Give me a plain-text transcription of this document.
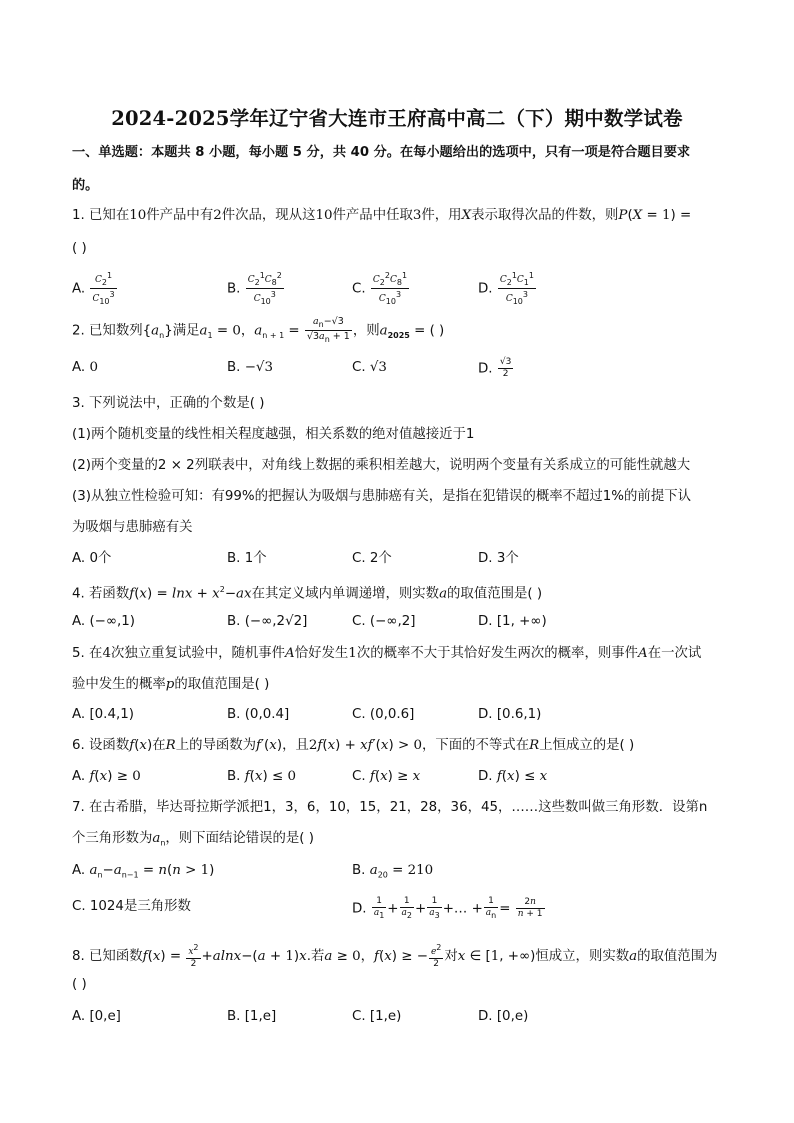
2024-2025学年辽宁省大连市王府高中高二（下）期中数学试卷
一、单选题：本题共 8 小题，每小题 5 分，共 40 分。在每小题给出的选项中，只有一项是符合题目要求
的。
1. 已知在10件产品中有2件次品，现从这10件产品中任取3件，用X表示取得次品的件数，则P(X = 1) =
( )
A. $\frac{C_2^1}{C_{10}^3}$	B. $\frac{C_2^1C_8^2}{C_{10}^3}$	C. $\frac{C_2^2C_8^1}{C_{10}^3}$	D. $\frac{C_2^1C_1^1}{C_{10}^3}$
2. 已知数列$\{a_n\}$满足$a_1 = 0$，$a_{n + 1} = \frac{a_n-√3}{√3a_n + 1}$ ，则$a_{2025}$ = ( )
A. 0	B. −√3	C. √3	D. $\frac{√3}{2}$
3. 下列说法中，正确的个数是( )
(1)两个随机变量的线性相关程度越强，相关系数的绝对值越接近于1
(2)两个变量的2 × 2列联表中，对角线上数据的乘积相差越大，说明两个变量有关系成立的可能性就越大
(3)从独立性检验可知：有99%的把握认为吸烟与患肺癌有关，是指在犯错误的概率不超过1%的前提下认
为吸烟与患肺癌有关
A. 0个	B. 1个	C. 2个	D. 3个
4. 若函数$f(x) = \ln x + x^2-ax$在其定义域内单调递增，则实数a的取值范围是( )
A. (−∞,1)	B. (−∞,2√2]	C. (−∞,2]	D. [1, +∞)
5. 在4次独立重复试验中，随机事件A恰好发生1次的概率不大于其恰好发生两次的概率，则事件A在一次试
验中发生的概率p的取值范围是( )
A. [0.4,1)	B. (0,0.4]	C. (0,0.6]	D. [0.6,1)
6. 设函数f(x)在R上的导函数为f′(x)，且2f(x) + xf′(x) > 0，下面的不等式在R上恒成立的是( )
A. f(x) ≥ 0	B. f(x) ≤ 0	C. f(x) ≥ x	D. f(x) ≤ x
7. 在古希腊，毕达哥拉斯学派把1，3，6，10，15，21，28，36，45，……这些数叫做三角形数．设第n
个三角形数为$a_n$，则下面结论错误的是( )
A. $a_n-a_{n-1} = n(n > 1)$	B. $a_{20} = 210$
C. 1024是三角形数	D. $\frac{1}{a_1} + \frac{1}{a_2} + \frac{1}{a_3}$ +… + $\frac{1}{a_n} = \frac{2n}{n + 1}$
8. 已知函数$f(x) = \frac{x^2}{2} +alnx-(a + 1)x$.若a ≥ 0，f(x) ≥ − $\frac{e^2}{2}$ 对x ∈ [1, +∞)恒成立，则实数a的取值范围为
( )
A. [0,e]	B. [1,e]	C. [1,e)	D. [0,e)
